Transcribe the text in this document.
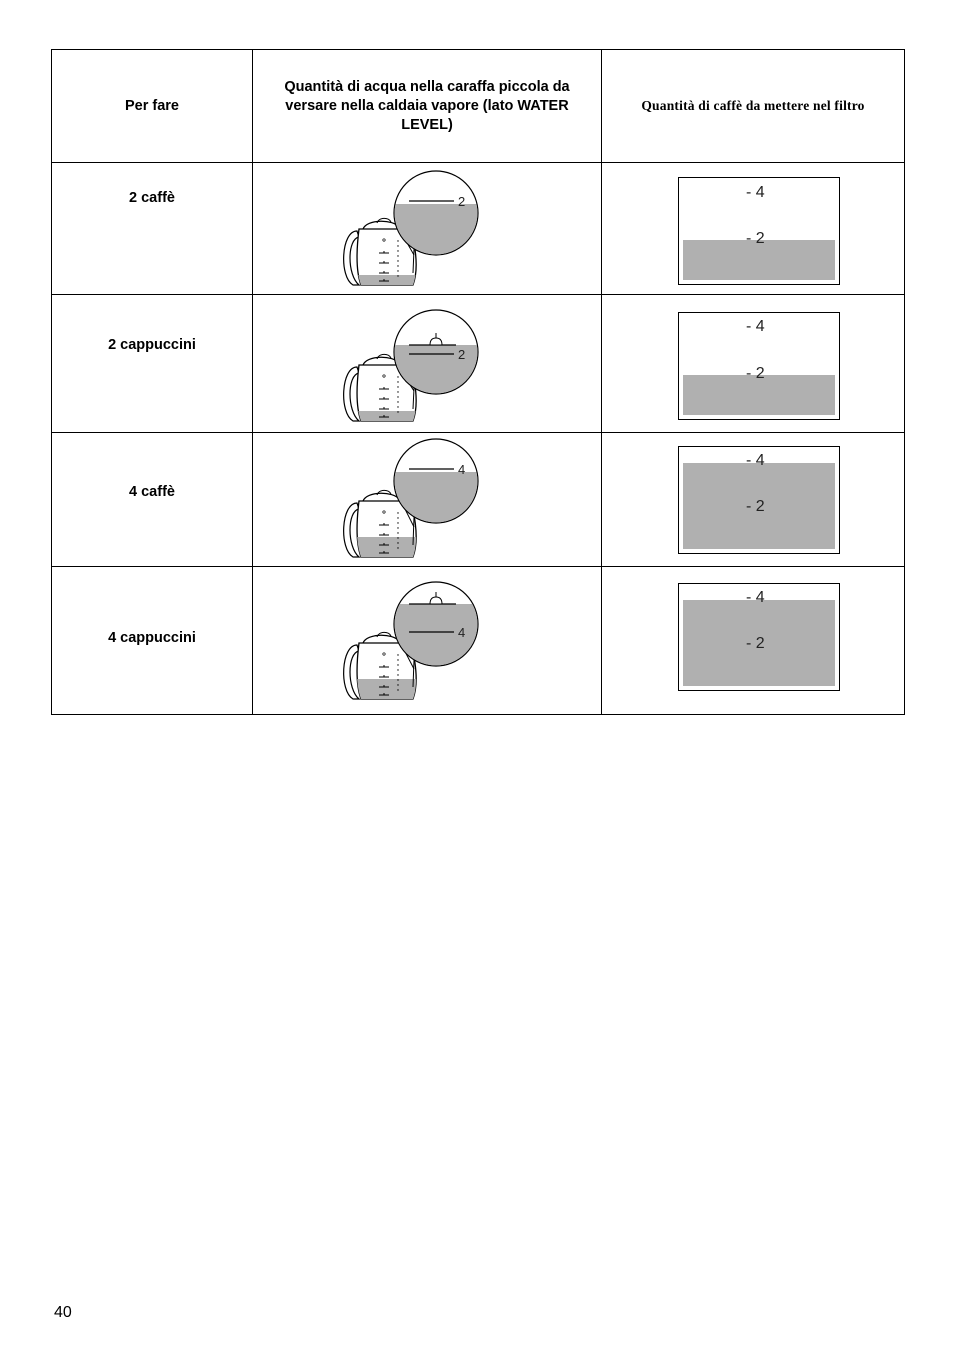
Per fare	Quantità di acqua nella caraffa piccola da versare nella caldaia vapore (lato WATER LEVEL)	Quantità di caffè da mettere nel filtro

2 caffè	2	- 4
- 2

2 cappuccini	2	- 4
- 2

4 caffè	4	- 4
- 2

4 cappuccini	4	- 4
- 2
40
